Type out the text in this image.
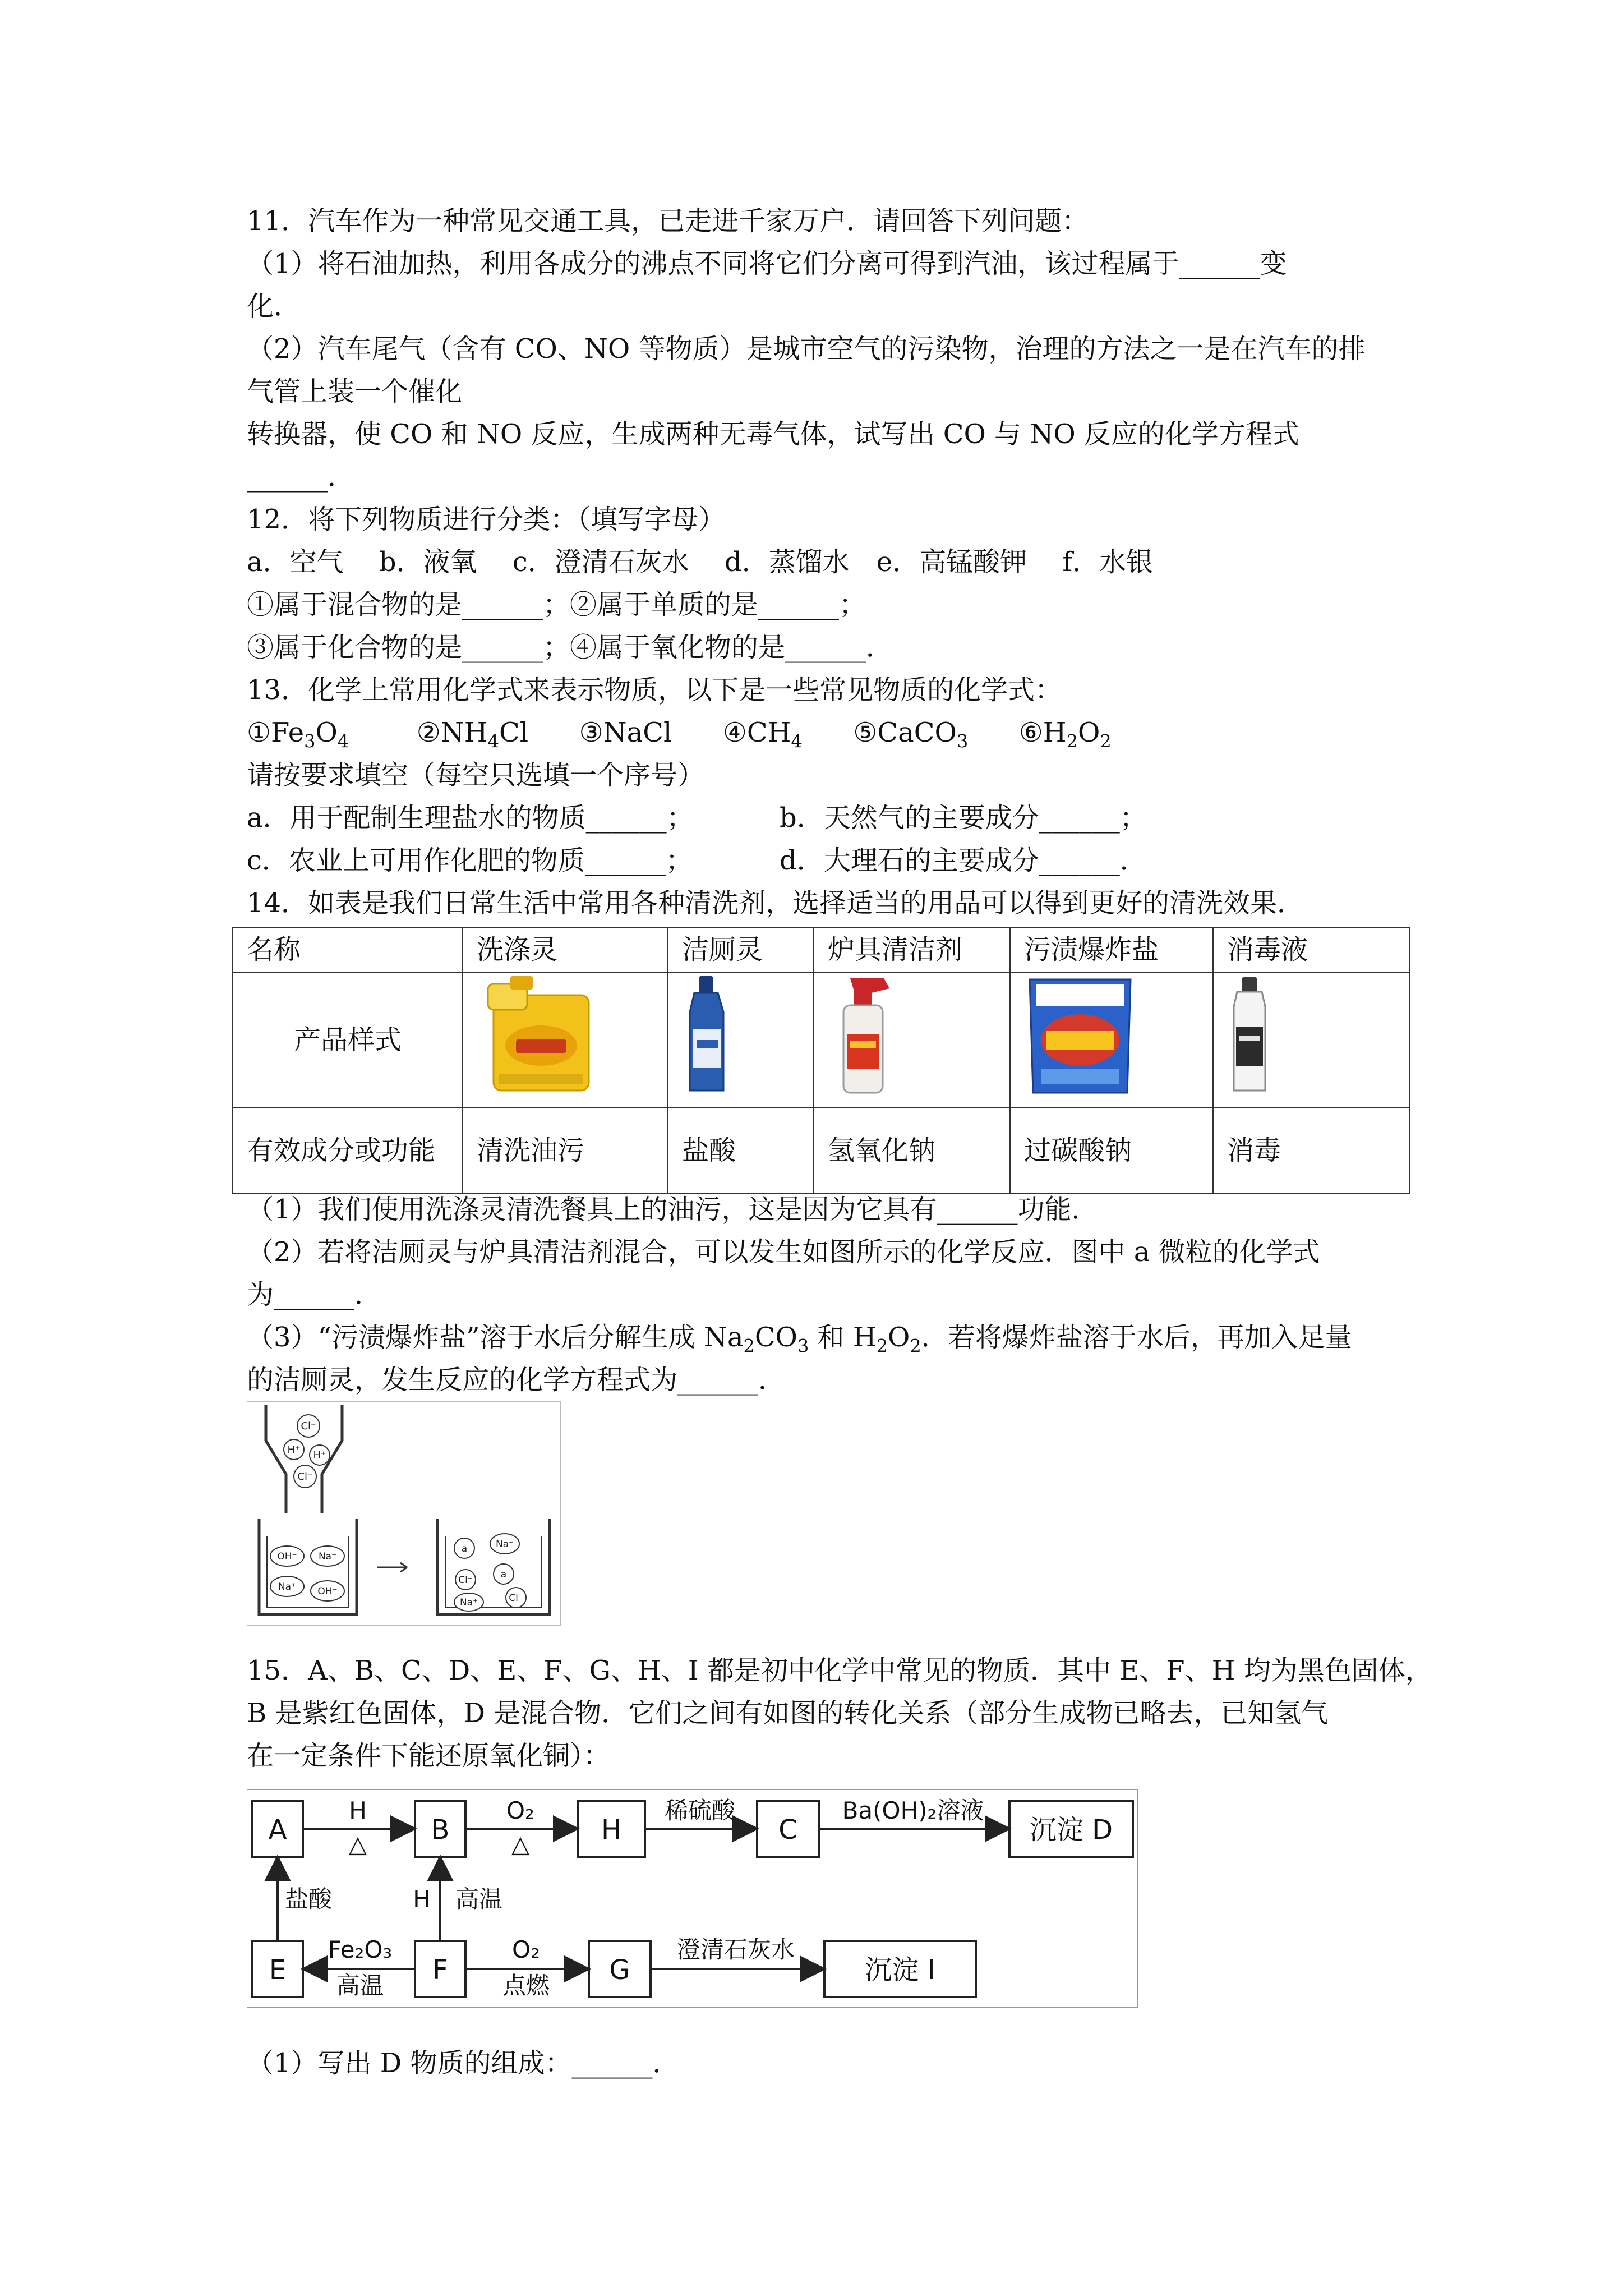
11．汽车作为一种常见交通工具，已走进千家万户．请回答下列问题：
（1）将石油加热，利用各成分的沸点不同将它们分离可得到汽油，该过程属于______变
化．
（2）汽车尾气（含有 CO、NO 等物质）是城市空气的污染物，治理的方法之一是在汽车的排
气管上装一个催化
转换器，使 CO 和 NO 反应，生成两种无毒气体，试写出 CO 与 NO 反应的化学方程式
______．
12．将下列物质进行分类：（填写字母）
a．空气　 b．液氧　 c．澄清石灰水　 d．蒸馏水　e．高锰酸钾　 f．水银
①属于混合物的是______；②属于单质的是______；
③属于化合物的是______；④属于氧化物的是______．
13．化学上常用化学式来表示物质，以下是一些常见物质的化学式：
$①Fe_3O_4$	$②NH_4Cl$ ③NaCl $④CH_4$ ⑤CaCO$_3$ $⑥H_2O_2$
请按要求填空（每空只选填一个序号）
a．用于配制生理盐水的物质______；	b．天然气的主要成分______；
c．农业上可用作化肥的物质______；	d．大理石的主要成分______．
14．如表是我们日常生活中常用各种清洗剂，选择适当的用品可以得到更好的清洗效果．
名称	洗涤灵	洁厕灵	炉具清洁剂	污渍爆炸盐	消毒液
产品样式					
有效成分或功能	清洗油污	盐酸	氢氧化钠	过碳酸钠	消毒
（1）我们使用洗涤灵清洗餐具上的油污，这是因为它具有______功能．
（2）若将洁厕灵与炉具清洁剂混合，可以发生如图所示的化学反应．图中 a 微粒的化学式
为______．
（3）“污渍爆炸盐”溶于水后分解生成 $Na_2CO_3$ 和 $H_2O_2$．若将爆炸盐溶于水后，再加入足量
的洁厕灵，发生反应的化学方程式为______．
Cl⁻
H⁺ H⁺
Cl⁻
OH⁻ Na⁺
Na⁺ OH⁻
a	Na⁺
Cl⁻	a
Na⁺	Cl⁻
15．A、B、C、D、E、F、G、H、I 都是初中化学中常见的物质．其中 E、F、H 均为黑色固体，
B 是紫红色固体，D 是混合物．它们之间有如图的转化关系（部分生成物已略去，已知氢气
在一定条件下能还原氧化铜）：
A	B	H	C	沉淀 D
E	F	G	沉淀 I
H
△
O₂
△
稀硫酸	Ba(OH)₂溶液
盐酸	H 高温
Fe₂O₃
高温
O₂
点燃
澄清石灰水
（1）写出 D 物质的组成：______．
